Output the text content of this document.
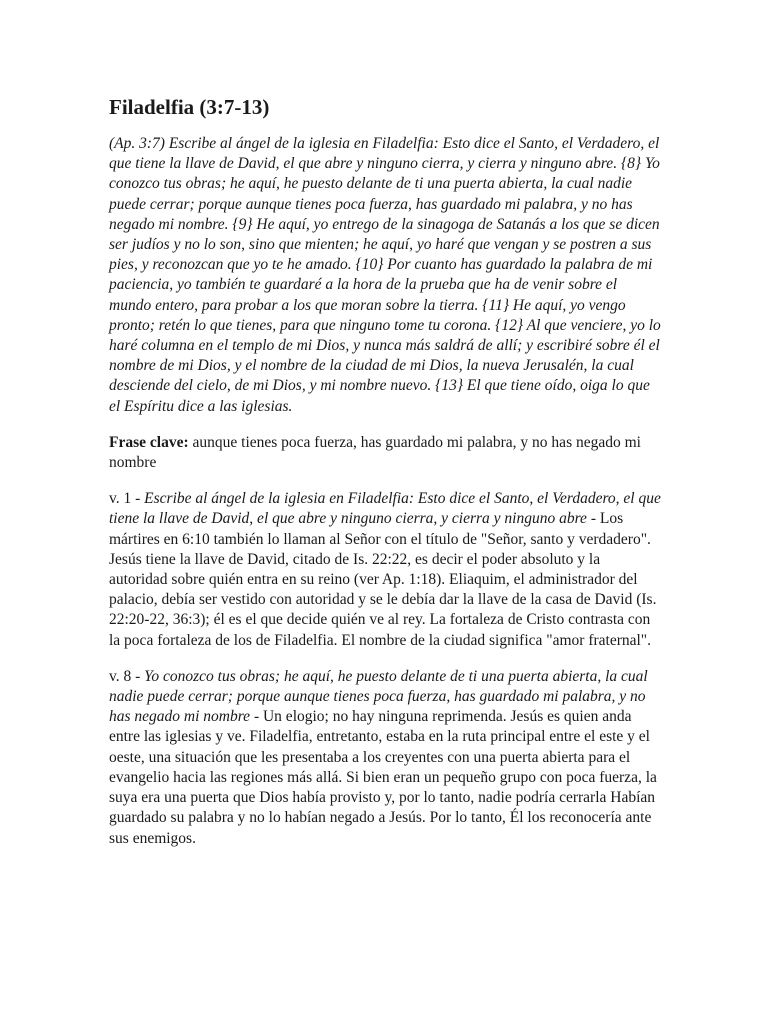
Filadelfia (3:7-13)

(Ap. 3:7) Escribe al ángel de la iglesia en Filadelfia: Esto dice el Santo, el Verdadero, el que tiene la llave de David, el que abre y ninguno cierra, y cierra y ninguno abre. {8} Yo conozco tus obras; he aquí, he puesto delante de ti una puerta abierta, la cual nadie puede cerrar; porque aunque tienes poca fuerza, has guardado mi palabra, y no has negado mi nombre. {9} He aquí, yo entrego de la sinagoga de Satanás a los que se dicen ser judíos y no lo son, sino que mienten; he aquí, yo haré que vengan y se postren a sus pies, y reconozcan que yo te he amado. {10} Por cuanto has guardado la palabra de mi paciencia, yo también te guardaré a la hora de la prueba que ha de venir sobre el mundo entero, para probar a los que moran sobre la tierra. {11} He aquí, yo vengo pronto; retén lo que tienes, para que ninguno tome tu corona. {12} Al que venciere, yo lo haré columna en el templo de mi Dios, y nunca más saldrá de allí; y escribiré sobre él el nombre de mi Dios, y el nombre de la ciudad de mi Dios, la nueva Jerusalén, la cual desciende del cielo, de mi Dios, y mi nombre nuevo. {13} El que tiene oído, oiga lo que el Espíritu dice a las iglesias.

Frase clave: aunque tienes poca fuerza, has guardado mi palabra, y no has negado mi nombre

v. 1 - Escribe al ángel de la iglesia en Filadelfia: Esto dice el Santo, el Verdadero, el que tiene la llave de David, el que abre y ninguno cierra, y cierra y ninguno abre - Los mártires en 6:10 también lo llaman al Señor con el título de "Señor, santo y verdadero". Jesús tiene la llave de David, citado de Is. 22:22, es decir el poder absoluto y la autoridad sobre quién entra en su reino (ver Ap. 1:18). Eliaquim, el administrador del palacio, debía ser vestido con autoridad y se le debía dar la llave de la casa de David (Is. 22:20-22, 36:3); él es el que decide quién ve al rey. La fortaleza de Cristo contrasta con la poca fortaleza de los de Filadelfia. El nombre de la ciudad significa "amor fraternal".

v. 8 - Yo conozco tus obras; he aquí, he puesto delante de ti una puerta abierta, la cual nadie puede cerrar; porque aunque tienes poca fuerza, has guardado mi palabra, y no has negado mi nombre - Un elogio; no hay ninguna reprimenda. Jesús es quien anda entre las iglesias y ve. Filadelfia, entretanto, estaba en la ruta principal entre el este y el oeste, una situación que les presentaba a los creyentes con una puerta abierta para el evangelio hacia las regiones más allá. Si bien eran un pequeño grupo con poca fuerza, la suya era una puerta que Dios había provisto y, por lo tanto, nadie podría cerrarla Habían guardado su palabra y no lo habían negado a Jesús. Por lo tanto, Él los reconocería ante sus enemigos.
